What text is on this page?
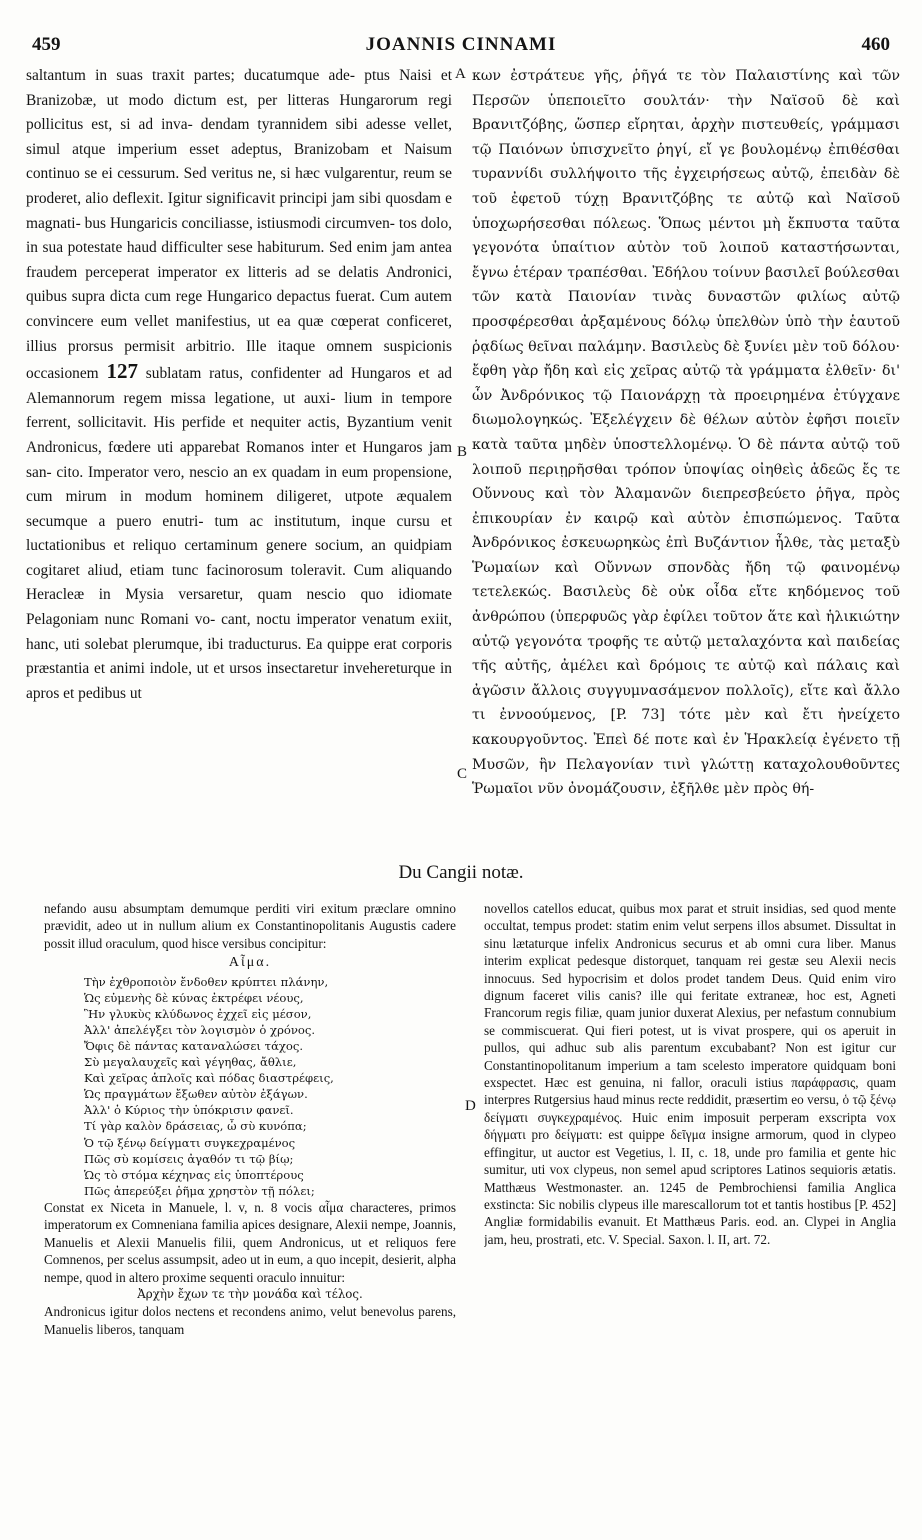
459	JOANNIS CINNAMI	460
saltantum in suas traxit partes; ducatumque ade- ptus Naisi et Branizobæ, ut modo dictum est, per litteras Hungarorum regi pollicitus est, si ad inva- dendam tyrannidem sibi adesse vellet, simul atque imperium esset adeptus, Branizobam et Naisum continuo se ei cessurum. Sed veritus ne, si hæc vulgarentur, reum se proderet, alio deflexit. Igitur significavit principi jam sibi quosdam e magnati- bus Hungaricis conciliasse, istiusmodi circumven- tos dolo, in sua potestate haud difficulter sese habiturum. Sed enim jam antea fraudem perceperat imperator ex litteris ad se delatis Andronici, quibus supra dicta cum rege Hungarico depactus fuerat. Cum autem convincere eum vellet manifestius, ut ea quæ cœperat conficeret, illius prorsus permisit arbitrio. Ille itaque omnem suspicionis occasionem 127 sublatam ratus, confidenter ad Hungaros et ad Alemannorum regem missa legatione, ut auxi- lium in tempore ferrent, sollicitavit. His perfide et nequiter actis, Byzantium venit Andronicus, fœdere uti apparebat Romanos inter et Hungaros jam san- cito. Imperator vero, nescio an ex quadam in eum propensione, cum mirum in modum hominem diligeret, utpote æqualem secumque a puero enutri- tum ac institutum, inque cursu et luctationibus et reliquo certaminum genere socium, an quidpiam cogitaret aliud, etiam tunc facinorosum toleravit. Cum aliquando Heracleæ in Mysia versaretur, quam nescio quo idiomate Pelagoniam nunc Romani vo- cant, noctu imperator venatum exiit, hanc, uti solebat plerumque, ibi traducturus. Ea quippe erat corporis præstantia et animi indole, ut et ursos insectaretur invehereturque in apros et pedibus ut
A
B
C
κων ἐστράτευε γῆς, ῥῆγά τε τὸν Παλαιστίνης καὶ τῶν Περσῶν ὑπεποιεῖτο σουλτάν· τὴν Ναϊσοῦ δὲ καὶ Βρανιτζόβης, ὥσπερ εἴρηται, ἀρχὴν πιστευθείς, γράμμασι τῷ Παιόνων ὑπισχνεῖτο ῥηγί, εἴ γε βουλομένῳ ἐπιθέσθαι τυραννίδι συλλήψοιτο τῆς ἐγχειρήσεως αὐτῷ, ἐπειδὰν δὲ τοῦ ἐφετοῦ τύχῃ Βρανιτζόβης τε αὐτῷ καὶ Ναϊσοῦ ὑποχωρήσεσθαι πόλεως. Ὅπως μέντοι μὴ ἔκπυστα ταῦτα γεγονότα ὑπαίτιον αὐτὸν τοῦ λοιποῦ καταστήσωνται, ἔγνω ἑτέραν τραπέσθαι. Ἐδήλου τοίνυν βασιλεῖ βούλεσθαι τῶν κατὰ Παιονίαν τινὰς δυναστῶν φιλίως αὐτῷ προσφέρεσθαι ἀρξαμένους δόλῳ ὑπελθὼν ὑπὸ τὴν ἑαυτοῦ ῥᾳδίως θεῖναι παλάμην. Βασιλεὺς δὲ ξυνίει μὲν τοῦ δόλου· ἔφθη γὰρ ἤδη καὶ εἰς χεῖρας αὐτῷ τὰ γράμματα ἐλθεῖν· δι' ὧν Ἀνδρόνικος τῷ Παιονάρχῃ τὰ προειρημένα ἐτύγχανε διωμολογηκώς. Ἐξελέγχειν δὲ θέλων αὐτὸν ἐφῆσι ποιεῖν κατὰ ταῦτα μηδὲν ὑποστελλομένῳ. Ὁ δὲ πάντα αὐτῷ τοῦ λοιποῦ περιῃρῆσθαι τρόπον ὑποψίας οἰηθεὶς ἀδεῶς ἔς τε Οὔννους καὶ τὸν Ἀλαμανῶν διεπρεσβεύετο ῥῆγα, πρὸς ἐπικουρίαν ἐν καιρῷ καὶ αὐτὸν ἐπισπώμενος. Ταῦτα Ἀνδρόνικος ἐσκευωρηκὼς ἐπὶ Βυζάντιον ἦλθε, τὰς μεταξὺ Ῥωμαίων καὶ Οὔννων σπονδὰς ἤδη τῷ φαινομένῳ τετελεκώς. Βασιλεὺς δὲ οὐκ οἶδα εἴτε κηδόμενος τοῦ ἀνθρώπου (ὑπερφυῶς γὰρ ἐφίλει τοῦτον ἅτε καὶ ἡλικιώτην αὐτῷ γεγονότα τροφῆς τε αὐτῷ μεταλαχόντα καὶ παιδείας τῆς αὐτῆς, ἀμέλει καὶ δρόμοις τε αὐτῷ καὶ πάλαις καὶ ἀγῶσιν ἄλλοις συγγυμνασάμενον πολλοῖς), εἴτε καὶ ἄλλο τι ἐννοούμενος, [P. 73] τότε μὲν καὶ ἔτι ἠνείχετο κακουργοῦντος. Ἐπεὶ δέ ποτε καὶ ἐν Ἡρακλείᾳ ἐγένετο τῇ Μυσῶν, ἣν Πελαγονίαν τινὶ γλώττῃ καταχολουθοῦντες Ῥωμαῖοι νῦν ὀνομάζουσιν, ἐξῆλθε μὲν πρὸς θή-
Du Cangii notæ.

nefando ausu absumptam demumque perditi viri exitum præclare omnino prævidit, adeo ut in nullum alium ex Constantinopolitanis Augustis cadere possit illud oraculum, quod hisce versibus concipitur:

Αἶμα.
Τὴν ἐχθροποιὸν ἔνδοθεν κρύπτει πλάνην,
Ὡς εὐμενὴς δὲ κύνας ἐκτρέφει νέους,
Ἣν γλυκὺς κλύδωνος ἐχχεῖ εἰς μέσον,
Ἀλλ' ἀπελέγξει τὸν λογισμὸν ὁ χρόνος.
Ὄφις δὲ πάντας καταναλώσει τάχος.
Σὺ μεγαλαυχεῖς καὶ γέγηθας, ἄθλιε,
Καὶ χεῖρας ἁπλοῖς καὶ πόδας διαστρέφεις,
Ὡς πραγμάτων ἔξωθεν αὐτὸν ἐξάγων.
Ἀλλ' ὁ Κύριος τὴν ὑπόκρισιν φανεῖ.
Τί γὰρ καλὸν δράσειας, ὦ σὺ κυνόπα;
Ὁ τῷ ξένῳ δείγματι συγκεχραμένος
Πῶς σὺ κομίσεις ἀγαθόν τι τῷ βίῳ;
Ὡς τὸ στόμα κέχηνας εἰς ὑποπτέρους
Πῶς ἀπερεύξει ῥῆμα χρηστὸν τῇ πόλει;

Constat ex Niceta in Manuele, l. v, n. 8 vocis αἷμα characteres, primos imperatorum ex Comneniana familia apices designare, Alexii nempe, Joannis, Manuelis et Alexii Manuelis filii, quem Andronicus, ut et reliquos fere Comnenos, per scelus assumpsit, adeo ut in eum, a quo incepit, desierit, alpha nempe, quod in altero proxime sequenti oraculo innuitur:

Ἀρχὴν ἔχων τε τὴν μονάδα καὶ τέλος.

Andronicus igitur dolos nectens et recondens animo, velut benevolus parens, Manuelis liberos, tanquam

D

novellos catellos educat, quibus mox parat et struit insidias, sed quod mente occultat, tempus prodet: statim enim velut serpens illos absumet. Dissultat in sinu lætaturque infelix Andronicus securus et ab omni cura liber. Manus interim explicat pedesque distorquet, tanquam rei gestæ seu Alexii necis innocuus. Sed hypocrisim et dolos prodet tandem Deus. Quid enim viro dignum faceret vilis canis? ille qui feritate extraneæ, hoc est, Agneti Francorum regis filiæ, quam junior duxerat Alexius, per nefastum connubium se commiscuerat. Qui fieri potest, ut is vivat prospere, qui os aperuit in pullos, qui adhuc sub alis parentum excubabant? Non est igitur cur Constantinopolitanum imperium a tam scelesto imperatore quidquam boni exspectet. Hæc est genuina, ni fallor, oraculi istius παράφρασις, quam interpres Rutgersius haud minus recte reddidit, præsertim eo versu, ὁ τῷ ξένῳ δείγματι συγκεχραμένος. Huic enim imposuit perperam exscripta vox δήγματι pro δείγματι: est quippe δεῖγμα insigne armorum, quod in clypeo effingitur, ut auctor est Vegetius, l. II, c. 18, unde pro familia et gente hic sumitur, uti vox clypeus, non semel apud scriptores Latinos sequioris ætatis. Matthæus Westmonaster. an. 1245 de Pembrochiensi familia Anglica exstincta: Sic nobilis clypeus ille marescallorum tot et tantis hostibus [P. 452] Angliæ formidabilis evanuit. Et Matthæus Paris. eod. an. Clypei in Anglia jam, heu, prostrati, etc. V. Special. Saxon. l. II, art. 72.
